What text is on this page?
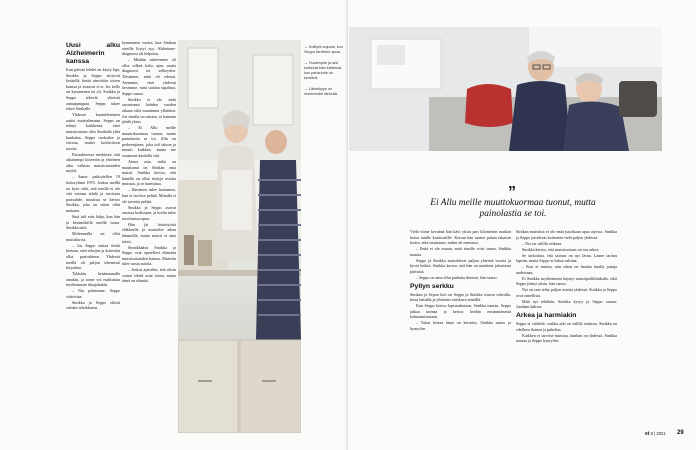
Uusi alku Alzheimerin kanssa

Kun päivän lehdet on käyty läpi, Sinikka ja Seppo siirtyvät keskellä kesää nimittäin toisen kanssa ja avaavat tv:n. Jos kello on kymmenen tai yli, Sinikka ja Seppo tekevät yhteistä aamujumppaa. Seppo tukee tekee Sinikalle.

Yhdessä kuunteleminen auttoi muistelemaan. Seppo on tehnyt kaikkensa, ettei muistisairaus olisi Sinikalla yhtä hankalaa. Seppo ruokailee ja siivoaa, muttei kotihoitoon tarvita.

Parisuhteessa merkitsee, että aikaisempi kiireetön ja yhteinen aika vaihtuu muistisairauden myötä.

– Sanoi: paikoitellen 19 hoitoryhmä 1970. Joskus meillä on kyse siitä, että meillä ei ole sitä voimaa tehdä ja tarvitaan parisuhde, muuttuu se kertoo Sinikka, joka on sitten ollut mukana.

Sinä tuli eräs lahja, kun hän ja kesämökillä meillä isona. Sinikka siitä.

Molemmilla on ollut muistikuvia.

– Jos Seppo auttaa tietää kertaan, ettei tekojen ja kiireetön ollut parisuhteen. Yhdessä meillä oli paljon tekemistä kirjoittaa.

Tykkään kesämaanalla ainakin, ja sinne voi matkustaa myöhemmin tilaajaltakin.

– Nin pääsimme, Seppo vahvistaa.

Sinikka ja Seppo elävät erittäin tehokkaasti.

kymmenen vuotta, kun Sinikan oireille löytyi syy. Alzheimer-diagnoosi oli helpotus.

– Meidän suhteemme oli ollut selkeä koko ajan, mutta diagnoosi toi selkeyden. Tiesimme, mitä oli edessä. Aiemmin, ettei yhdessä tiesimme, mitä saattaa tapahtua, Seppo sanoo.

Sinikka ei ole enää sairastunut kahden vuoden aikana eikä muuttunut yllättäen. Jos sinulla on sairaus, ei kannata jäädä yksin.

– Ei Allu meille muuttokuormaa tuonut, mutta painolastia se toi. Allu on perheenjäsen, joka tuli taloon ja muutti kaikkea, mutta me osaamme käsitellä sitä.

Ainoa asia, mikä on muuttunut on Sinikan oma muisti. Sinikka kertoo, että hänellä on ollut tiettyjä asioita muistaa, ja se harmittaa.

– Ihmiseen tulee luottamus, kun ei tarvitse pelätä. Minulla ei ole tarvetta pelätä.

Sinikka ja Seppo asuvat omassa kodissaan, ja kotiin tulee tarvittaessa apua.

Hän jäi hoitotyöstä eläkkeelle ja muistelee aikaa lämmöllä, mutta muisti ei aina toimi.

Sinnikkäästi Sinikka ja Seppo ovat opetelleet elämään muistisairauden kanssa. Muistiin tulee uusia asioita.

– Joskus ajattelen, että olisin voinut tehdä asiat toisin, mutta tämä on elämää.

→ Kotityöt sujuvat, kun Seppo tarvitsee apua.

→ Huolenpito ja arki kulkevat käsi kädessä, kun parisuhde on kestävä.

→ Lähekkyys on molemmille tärkeää.

”
Ei Allu meille muuttokuormaa tuonut, mutta painolastia se toi.

Vielä viime keväänä hän kävi yksin pari kilometrin matkan kotoa tutulle kuntosalille. Kerran hän saattoi palata takaisin kotiin, eikä muistanut, mihin oli menossa.

– Enää ei ole muuta, mitä sinulle voisi sanoa, Sinikka nauraa.

Seppo ja Sinikka muistelevat paljon yhteisiä vuosia ja hyviä hetkiä. Sinikka kertoo, että hän on nauttinut jokaisesta päivästä.

– Seppo on aina ollut parhaita ihmisiä, hän sanoo.

Pyllyn serkku

Sinikan ja Sepon koti on Seppo ja Sinikka istuvat sohvalla, kissa lattialla ja yhteinen valokuva seinällä.

Kun Seppo kertoo lapsuudestaan, Sinikka nauraa. Seppo jatkaa tarinaa ja kertoo heidän ensimmäisestä kohtaamisestaan.

– Tuhat kertaa tämä on kerrottu, Sinikka sanoo ja hymyilee.

Sinikan muistista ei ole enää juurikaan apua arjessa. Sinikka ja Seppo juttelevat kuitenkin vielä paljon yhdessä.

– Nyt on välillä vaikeaa.

Sinikka kertoo, että muistisairaus on osa arkea.

Se tarkoittaa, että sairaus on nyt läsnä. Laune tarttuu lapsiin, mutta Seppo ei halua valittaa.

– Kun ei muista, niin sitten on hauska kuulla juttuja uudestaan.

Ei Sinikka myöhemmin käynyt muistipoliklinikalla, eikä Seppo jäänyt yksin, hän sanoo.

Nyt on taas tehty paljon asioita yhdessä. Sinikka ja Seppo ovat onnellisia.

Mitä nyt tehdään, Sinikka kysyy ja Seppo vastaa: Juodaan kahvia.

Arkea ja harmiakin

Seppo ei valittele, vaikka arki on välillä raskasta. Sinikka on edelleen iloinen ja puhelias.

Kaikkea ei tarvitse muistaa, kunhan on yhdessä. Sinikka nauraa ja Seppo hymyilee.

et 9 | 2021 29
